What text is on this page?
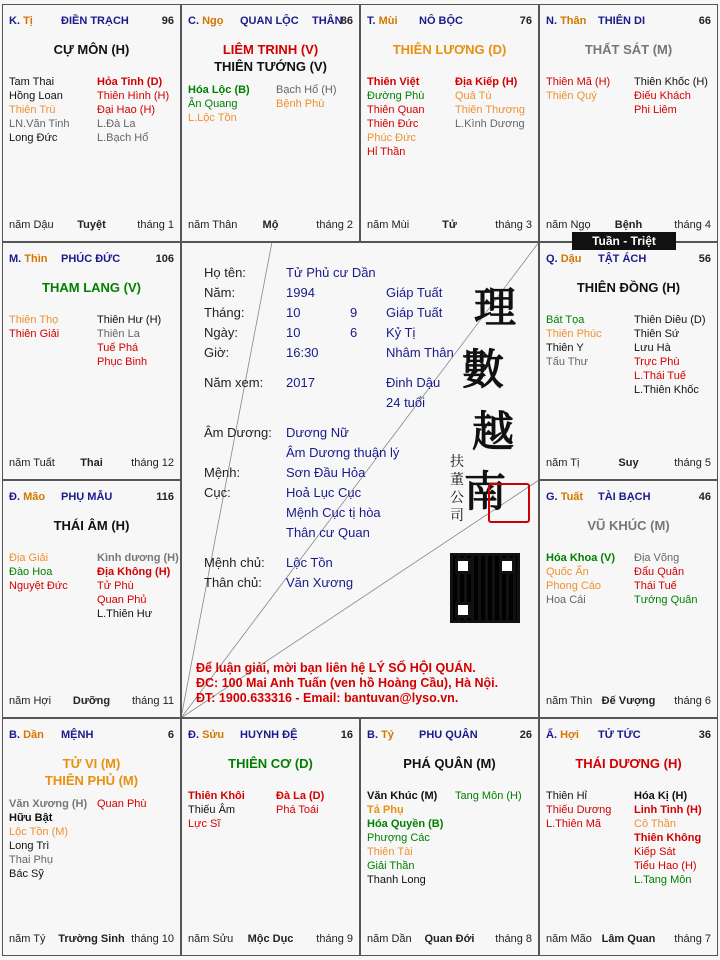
K. Tị	ĐIỀN TRẠCH	96
CỰ MÔN (H)
Tam Thai
Hồng Loan
Thiên Trù
LN.Văn Tinh
Long Đức
Hỏa Tinh (D)
Thiên Hình (H)
Đại Hao (H)
L.Đà La
L.Bạch Hổ
năm Dậu	Tuyệt	tháng 1
C. Ngọ QUAN LỘC THÂN
86
LIÊM TRINH (V)
THIÊN TƯỚNG (V)
Hóa Lộc (B)
Ân Quang
L.Lộc Tồn
Bạch Hổ (H)
Bệnh Phù
năm Thân	Mộ	tháng 2
T. Mùi NÔ BỘC	76
THIÊN LƯƠNG (D)
Thiên Việt
Đường Phù
Thiên Quan
Thiên Đức
Phúc Đức
Hỉ Thần
Địa Kiếp (H)
Quả Tú
Thiên Thương
L.Kình Dương
năm Mùi	Tử	tháng 3
N. Thân THIÊN DI	66
THẤT SÁT (M)
Thiên Mã (H)
Thiên Quý
Thiên Khốc (H)
Điếu Khách
Phi Liêm
năm Ngọ	Bệnh	tháng 4
M. Thìn PHÚC ĐỨC	106
THAM LANG (V)
Thiên Thọ
Thiên Giải
Thiên Hư (H)
Thiên La
Tuế Phá
Phục Binh
năm Tuất	Thai	tháng 12
Q. Dậu TẬT ÁCH	56
THIÊN ĐỒNG (H)
Bát Tọa
Thiên Phúc
Thiên Y
Tấu Thư
Thiên Diêu (D)
Thiên Sứ
Lưu Hà
Trực Phù
L.Thái Tuế
L.Thiên Khốc
năm Tị	Suy	tháng 5
Đ. Mão PHỤ MẪU	116
THÁI ÂM (H)
Địa Giải
Đào Hoa
Nguyệt Đức
Kình dương (H)
Địa Không (H)
Tử Phù
Quan Phủ
L.Thiên Hư
năm Hợi	Dưỡng	tháng 11
G. Tuất TÀI BẠCH	46
VŨ KHÚC (M)
Hóa Khoa (V)
Quốc Ấn
Phong Cáo
Hoa Cái
Địa Võng
Đẩu Quân
Thái Tuế
Tướng Quân
năm Thìn Đế Vượng	tháng 6
B. Dần MỆNH	6
TỬ VI (M)
THIÊN PHỦ (M)
Văn Xương (H)
Hữu Bật
Lộc Tồn (M)
Long Trì
Thai Phụ
Bác Sỹ
Quan Phù
năm Tý	Trường Sinh tháng 10
Đ. Sửu HUYNH ĐỆ	16
THIÊN CƠ (D)
Thiên Khôi
Thiếu Âm
Lực Sĩ
Đà La (D)
Phá Toái
năm Sửu	Mộc Dục	tháng 9
B. Tý PHU QUÂN	26
PHÁ QUÂN (M)
Văn Khúc (M)
Tả Phụ
Hóa Quyền (B)
Phượng Các
Thiên Tài
Giải Thần
Thanh Long
Tang Môn (H)
năm Dần	Quan Đới	tháng 8
Ấ. Hợi TỬ TỨC	36
THÁI DƯƠNG (H)
Thiên Hỉ
Thiếu Dương
L.Thiên Mã
Hóa Kị (H)
Linh Tinh (H)
Cô Thần
Thiên Không
Kiếp Sát
Tiểu Hao (H)
L.Tang Môn
năm Mão Lâm Quan	tháng 7
Họ tên:	Tử Phủ cư Dần
Năm:	1994	Giáp Tuất
Tháng:	10	9 Giáp Tuất
Ngày:	10	6 Kỷ Tị
Giờ:	16:30	Nhâm Thân
Năm xem: 2017	Đinh Dậu
24 tuổi
Âm Dương: Dương Nữ
Âm Dương thuận lý
Mệnh:	Sơn Đầu Hỏa
Cục:	Hoả Lục Cục
Mệnh Cục tị hòa
Thân cư Quan
Mệnh chủ: Lộc Tồn
Thân chủ: Văn Xương
理
數
越
南
扶董公司
Để luận giải, mời bạn liên hệ LÝ SỐ HỘI QUÁN.
ĐC: 100 Mai Anh Tuấn (ven hồ Hoàng Cầu), Hà Nội.
ĐT: 1900.633316 - Email: bantuvan@lyso.vn.
Tuần - Triệt
